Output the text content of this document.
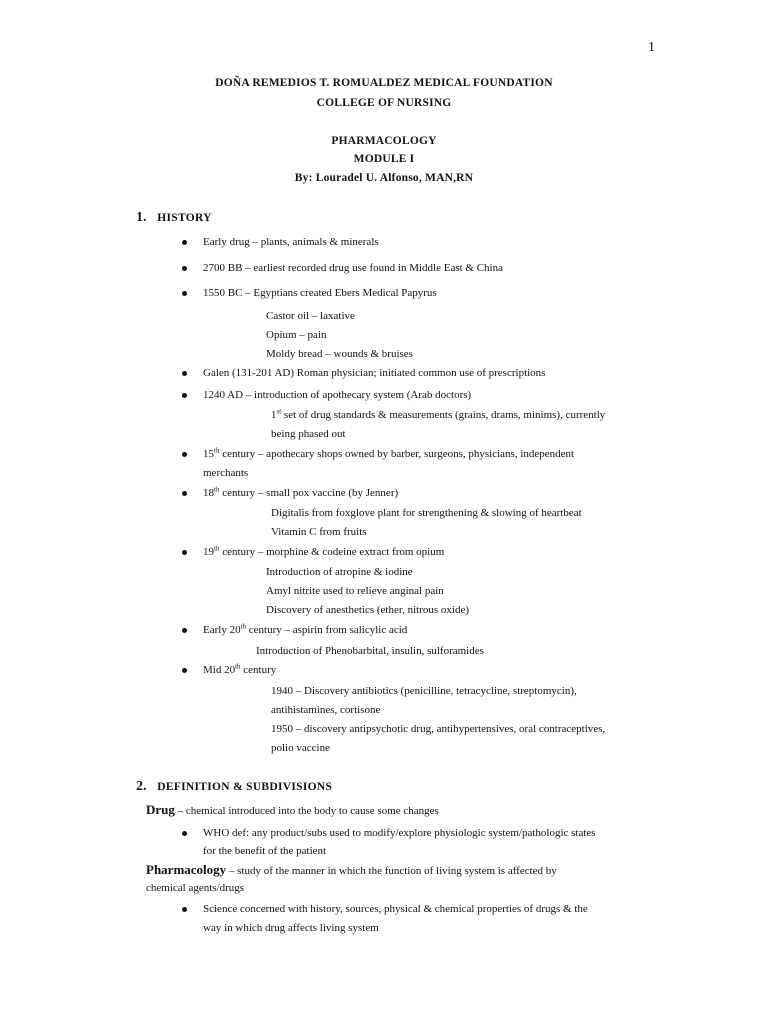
1
DOÑA REMEDIOS T. ROMUALDEZ MEDICAL FOUNDATION
COLLEGE OF NURSING
PHARMACOLOGY
MODULE I
By: Louradel U. Alfonso, MAN,RN
1. HISTORY
Early drug – plants, animals & minerals
2700 BB – earliest recorded drug use found in Middle East & China
1550 BC – Egyptians created Ebers Medical Papyrus
Castor oil – laxative
Opium – pain
Moldy bread – wounds & bruises
Galen (131-201 AD) Roman physician; initiated common use of prescriptions
1240 AD – introduction of apothecary system (Arab doctors)
1st set of drug standards & measurements (grains, drams, minims), currently
being phased out
15th century – apothecary shops owned by barber, surgeons, physicians, independent
merchants
18th century – small pox vaccine (by Jenner)
Digitalis from foxglove plant for strengthening & slowing of heartbeat
Vitamin C from fruits
19th century – morphine & codeine extract from opium
Introduction of atropine & iodine
Amyl nitrite used to relieve anginal pain
Discovery of anesthetics (ether, nitrous oxide)
Early 20th century – aspirin from salicylic acid
Introduction of Phenobarbital, insulin, sulforamides
Mid 20th century
1940 – Discovery antibiotics (penicilline, tetracycline, streptomycin),
antihistamines, cortisone
1950 – discovery antipsychotic drug, antihypertensives, oral contraceptives,
polio vaccine
2. DEFINITION & SUBDIVISIONS
Drug – chemical introduced into the body to cause some changes
WHO def: any product/subs used to modify/explore physiologic system/pathologic states
for the benefit of the patient
Pharmacology – study of the manner in which the function of living system is affected by
chemical agents/drugs
Science concerned with history, sources, physical & chemical properties of drugs & the
way in which drug affects living system
